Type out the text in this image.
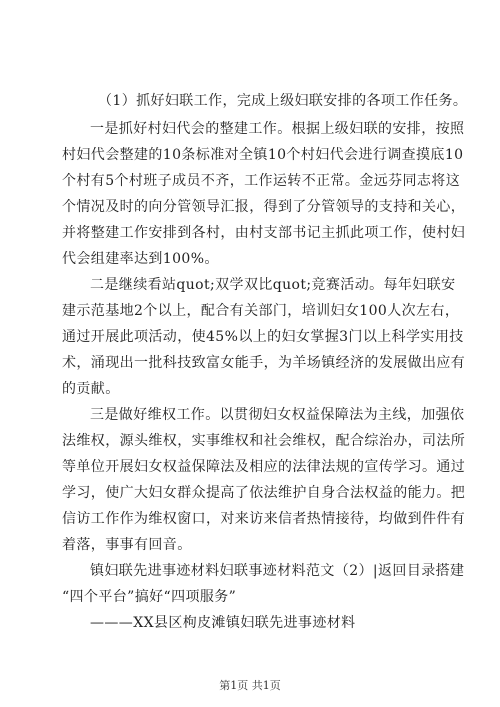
（1）抓好妇联工作，完成上级妇联安排的各项工作任务。
一是抓好村妇代会的整建工作。根据上级妇联的安排，按照
村妇代会整建的10条标准对全镇10个村妇代会进行调查摸底10
个村有5个村班子成员不齐，工作运转不正常。金远芬同志将这
个情况及时的向分管领导汇报，得到了分管领导的支持和关心，
并将整建工作安排到各村，由村支部书记主抓此项工作，使村妇
代会组建率达到100%。
二是继续看站quot;双学双比quot;竞赛活动。每年妇联安
建示范基地2个以上，配合有关部门，培训妇女100人次左右，
通过开展此项活动，使45%以上的妇女掌握3门以上科学实用技
术，涌现出一批科技致富女能手，为羊场镇经济的发展做出应有
的贡献。
三是做好维权工作。以贯彻妇女权益保障法为主线，加强依
法维权，源头维权，实事维权和社会维权，配合综治办，司法所
等单位开展妇女权益保障法及相应的法律法规的宣传学习。通过
学习，使广大妇女群众提高了依法维护自身合法权益的能力。把
信访工作作为维权窗口，对来访来信者热情接待，均做到件件有
着落，事事有回音。
镇妇联先进事迹材料妇联事迹材料范文（2）|返回目录搭建
“四个平台”搞好“四项服务”
———XX县区枸皮滩镇妇联先进事迹材料
第1页 共1页
